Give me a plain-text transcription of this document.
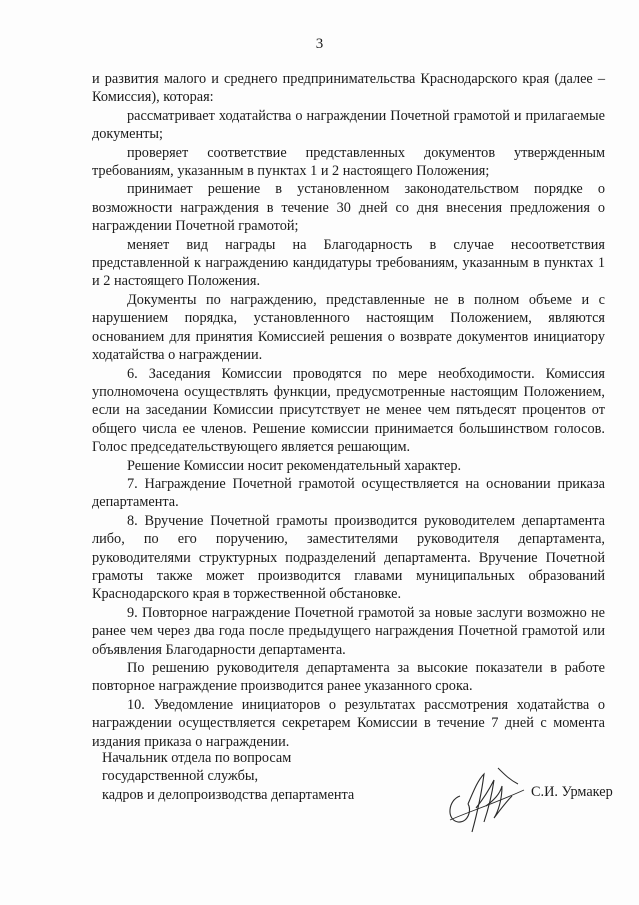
3

и развития малого и среднего предпринимательства Краснодарского края (далее – Комиссия), которая:

рассматривает ходатайства о награждении Почетной грамотой и прилагаемые документы;

проверяет соответствие представленных документов утвержденным требованиям, указанным в пунктах 1 и 2 настоящего Положения;

принимает решение в установленном законодательством порядке о возможности награждения в течение 30 дней со дня внесения предложения о награждении Почетной грамотой;

меняет вид награды на Благодарность в случае несоответствия представленной к награждению кандидатуры требованиям, указанным в пунктах 1 и 2 настоящего Положения.

Документы по награждению, представленные не в полном объеме и с нарушением порядка, установленного настоящим Положением, являются основанием для принятия Комиссией решения о возврате документов инициатору ходатайства о награждении.

6. Заседания Комиссии проводятся по мере необходимости. Комиссия уполномочена осуществлять функции, предусмотренные настоящим Положением, если на заседании Комиссии присутствует не менее чем пятьдесят процентов от общего числа ее членов. Решение комиссии принимается большинством голосов. Голос председательствующего является решающим.

Решение Комиссии носит рекомендательный характер.

7. Награждение Почетной грамотой осуществляется на основании приказа департамента.

8. Вручение Почетной грамоты производится руководителем департамента либо, по его поручению, заместителями руководителя департамента, руководителями структурных подразделений департамента. Вручение Почетной грамоты также может производится главами муниципальных образований Краснодарского края в торжественной обстановке.

9. Повторное награждение Почетной грамотой за новые заслуги возможно не ранее чем через два года после предыдущего награждения Почетной грамотой или объявления Благодарности департамента.

По решению руководителя департамента за высокие показатели в работе повторное награждение производится ранее указанного срока.

10. Уведомление инициаторов о результатах рассмотрения ходатайства о награждении осуществляется секретарем Комиссии в течение 7 дней с момента издания приказа о награждении.

Начальник отдела по вопросам
государственной службы,
кадров и делопроизводства департамента	С.И. Урмакер
